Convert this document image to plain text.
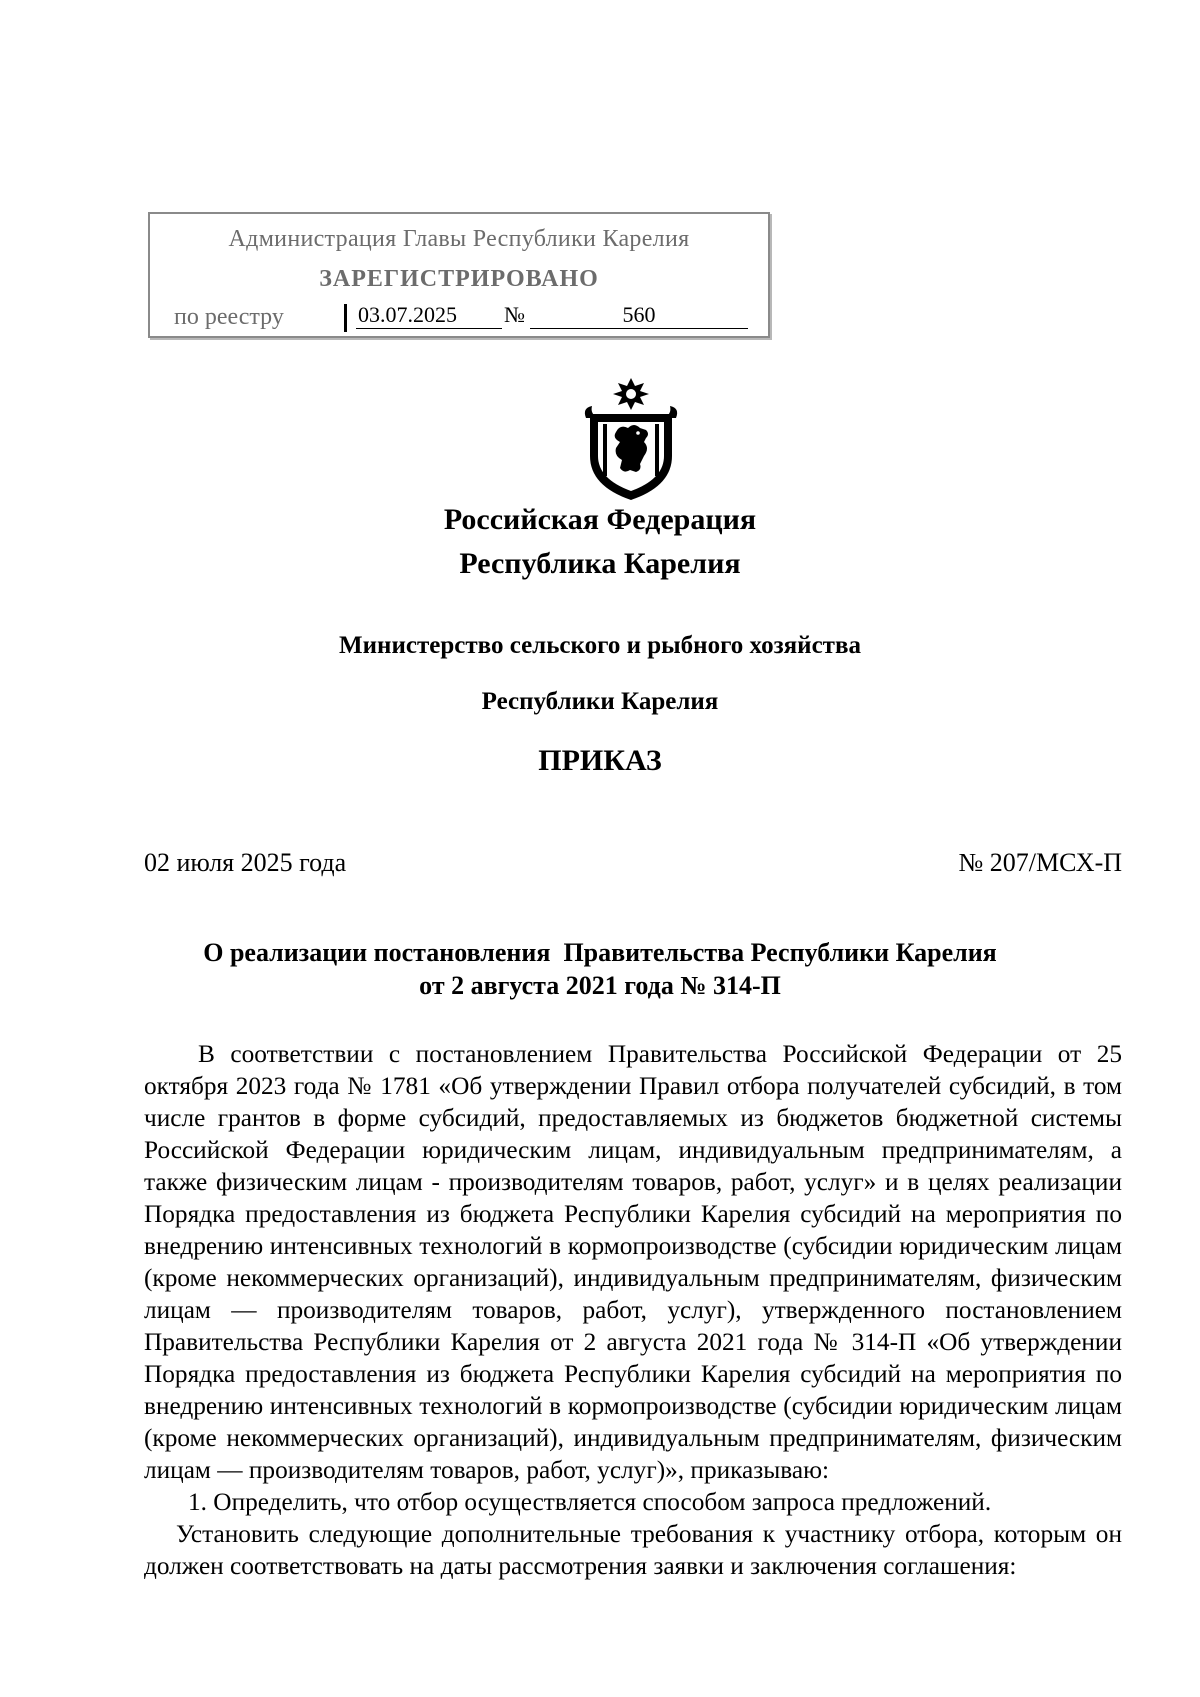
Администрация Главы Республики Карелия
ЗАРЕГИСТРИРОВАНО
по реестру	03.07.2025	№	560
Российская Федерация
Республика Карелия
Министерство сельского и рыбного хозяйства
Республики Карелия
ПРИКАЗ
02 июля 2025 года	№ 207/МСХ-П
О реализации постановления  Правительства Республики Карелия
от 2 августа 2021 года № 314-П

В соответствии с постановлением Правительства Российской Федерации от 25 октября 2023 года № 1781 «Об утверждении Правил отбора получателей субсидий, в том числе грантов в форме субсидий, предоставляемых из бюджетов бюджетной системы Российской Федерации юридическим лицам, индивидуальным предпринимателям, а также физическим лицам - производителям товаров, работ, услуг» и в целях реализации Порядка предоставления из бюджета Республики Карелия субсидий на мероприятия по внедрению интенсивных технологий в кормопроизводстве (субсидии юридическим лицам (кроме некоммерческих организаций), индивидуальным предпринимателям, физическим лицам — производителям товаров, работ, услуг), утвержденного постановлением Правительства Республики Карелия от 2 августа 2021 года № 314-П «Об утверждении Порядка предоставления из бюджета Республики Карелия субсидий на мероприятия по внедрению интенсивных технологий в кормопроизводстве (субсидии юридическим лицам (кроме некоммерческих организаций), индивидуальным предпринимателям, физическим лицам — производителям товаров, работ, услуг)», приказываю:

1. Определить, что отбор осуществляется способом запроса предложений.

Установить следующие дополнительные требования к участнику отбора, которым он должен соответствовать на даты рассмотрения заявки и заключения соглашения:
